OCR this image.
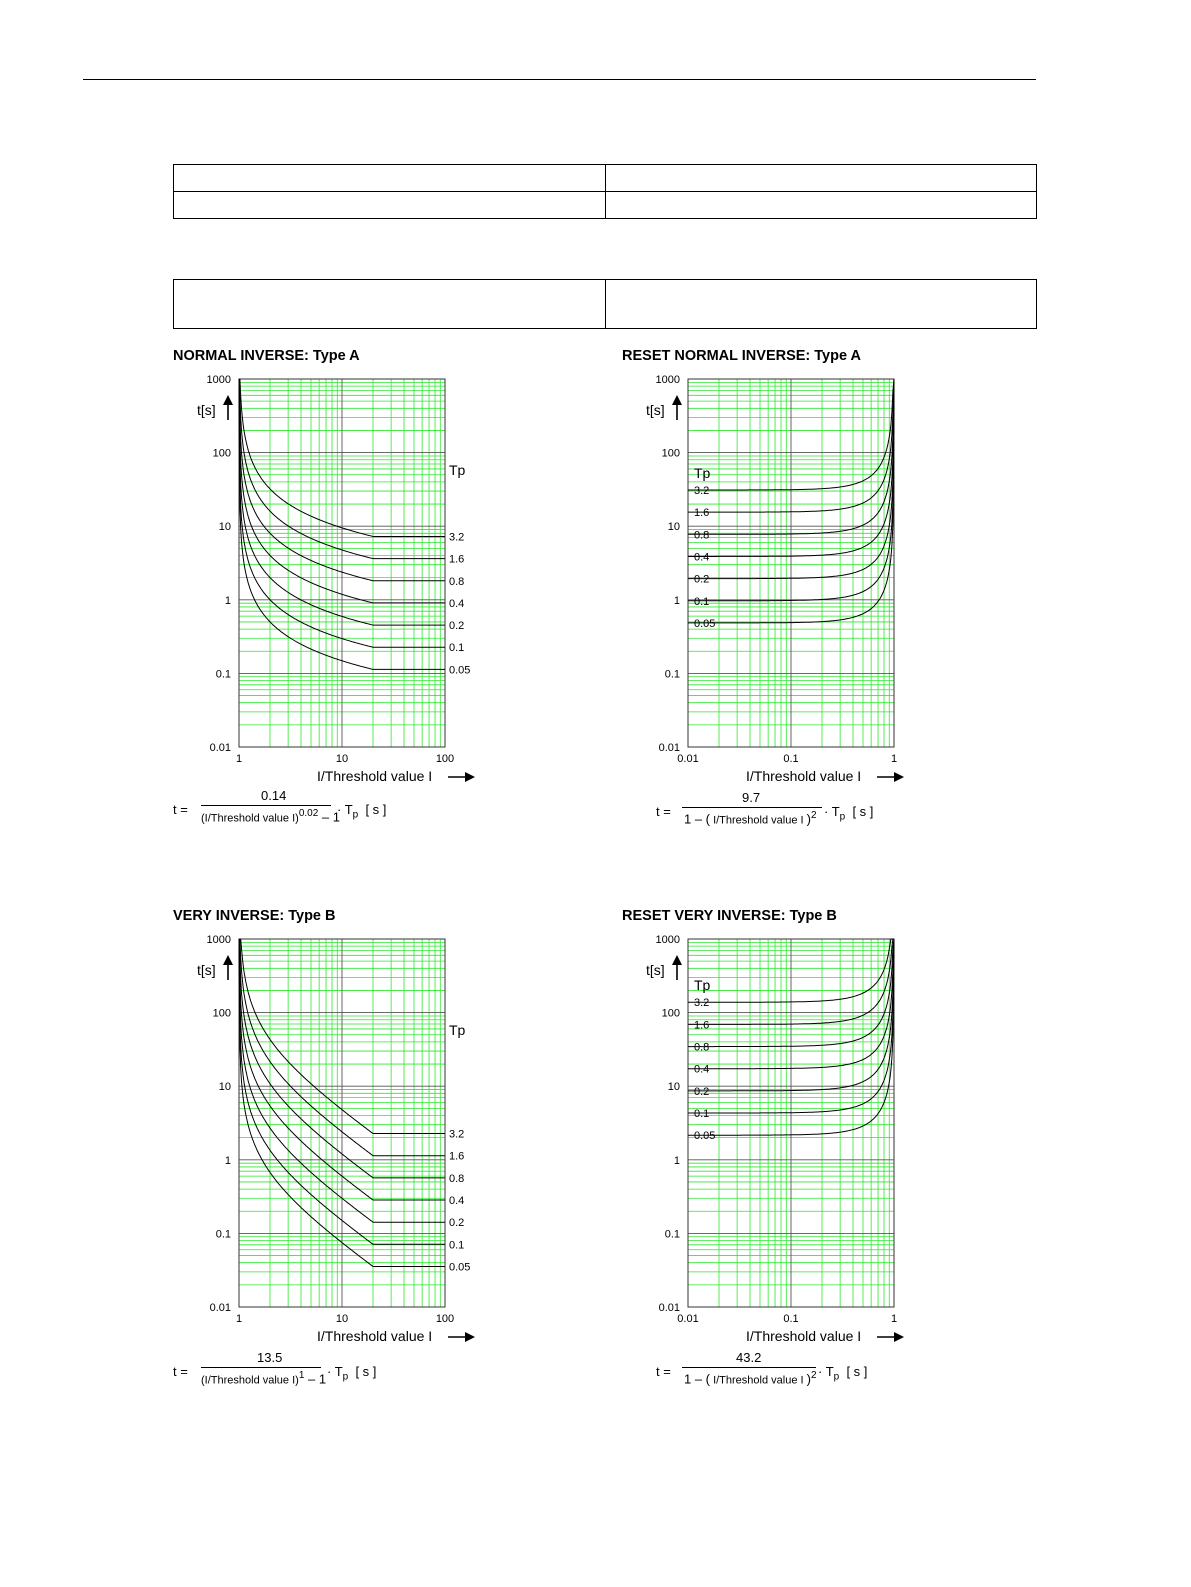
NORMAL INVERSE: Type A
0.01
0.1
1
10
100
1000
1	10	100
t[s]
I/Threshold value I
Tp
3.2
1.6
0.8
0.4
0.2
0.1
0.05
t =
0.14
(I/Threshold value I)$^{0.02}$ – 1
· $T_p$ [ s ]
RESET NORMAL INVERSE: Type A
0.01
0.1
1
10
100
1000
0.01	0.1	1
t[s]
I/Threshold value I
3.2
1.6
0.8
0.4
0.2
0.1
0.05
Tp
t =
9.7
1 – ( I/Threshold value I )$^2 \cdot T_p$ [ s ]
VERY INVERSE: Type B
0.01
0.1
1
10
100
1000
1	10	100
t[s]
I/Threshold value I
Tp
3.2
1.6
0.8
0.4
0.2
0.1
0.05
t =
13.5
(I/Threshold value $I)^1 - 1 \cdot T_p$ [ s ]
RESET VERY INVERSE: Type B
0.01
0.1
1
10
100
1000
0.01	0.1	1
t[s]
I/Threshold value I
3.2
1.6
0.8
0.4
0.2
0.1
0.05
Tp
t =
43.2
1 – ( I/Threshold value I )$^2 \cdot T_p$ [ s ]
